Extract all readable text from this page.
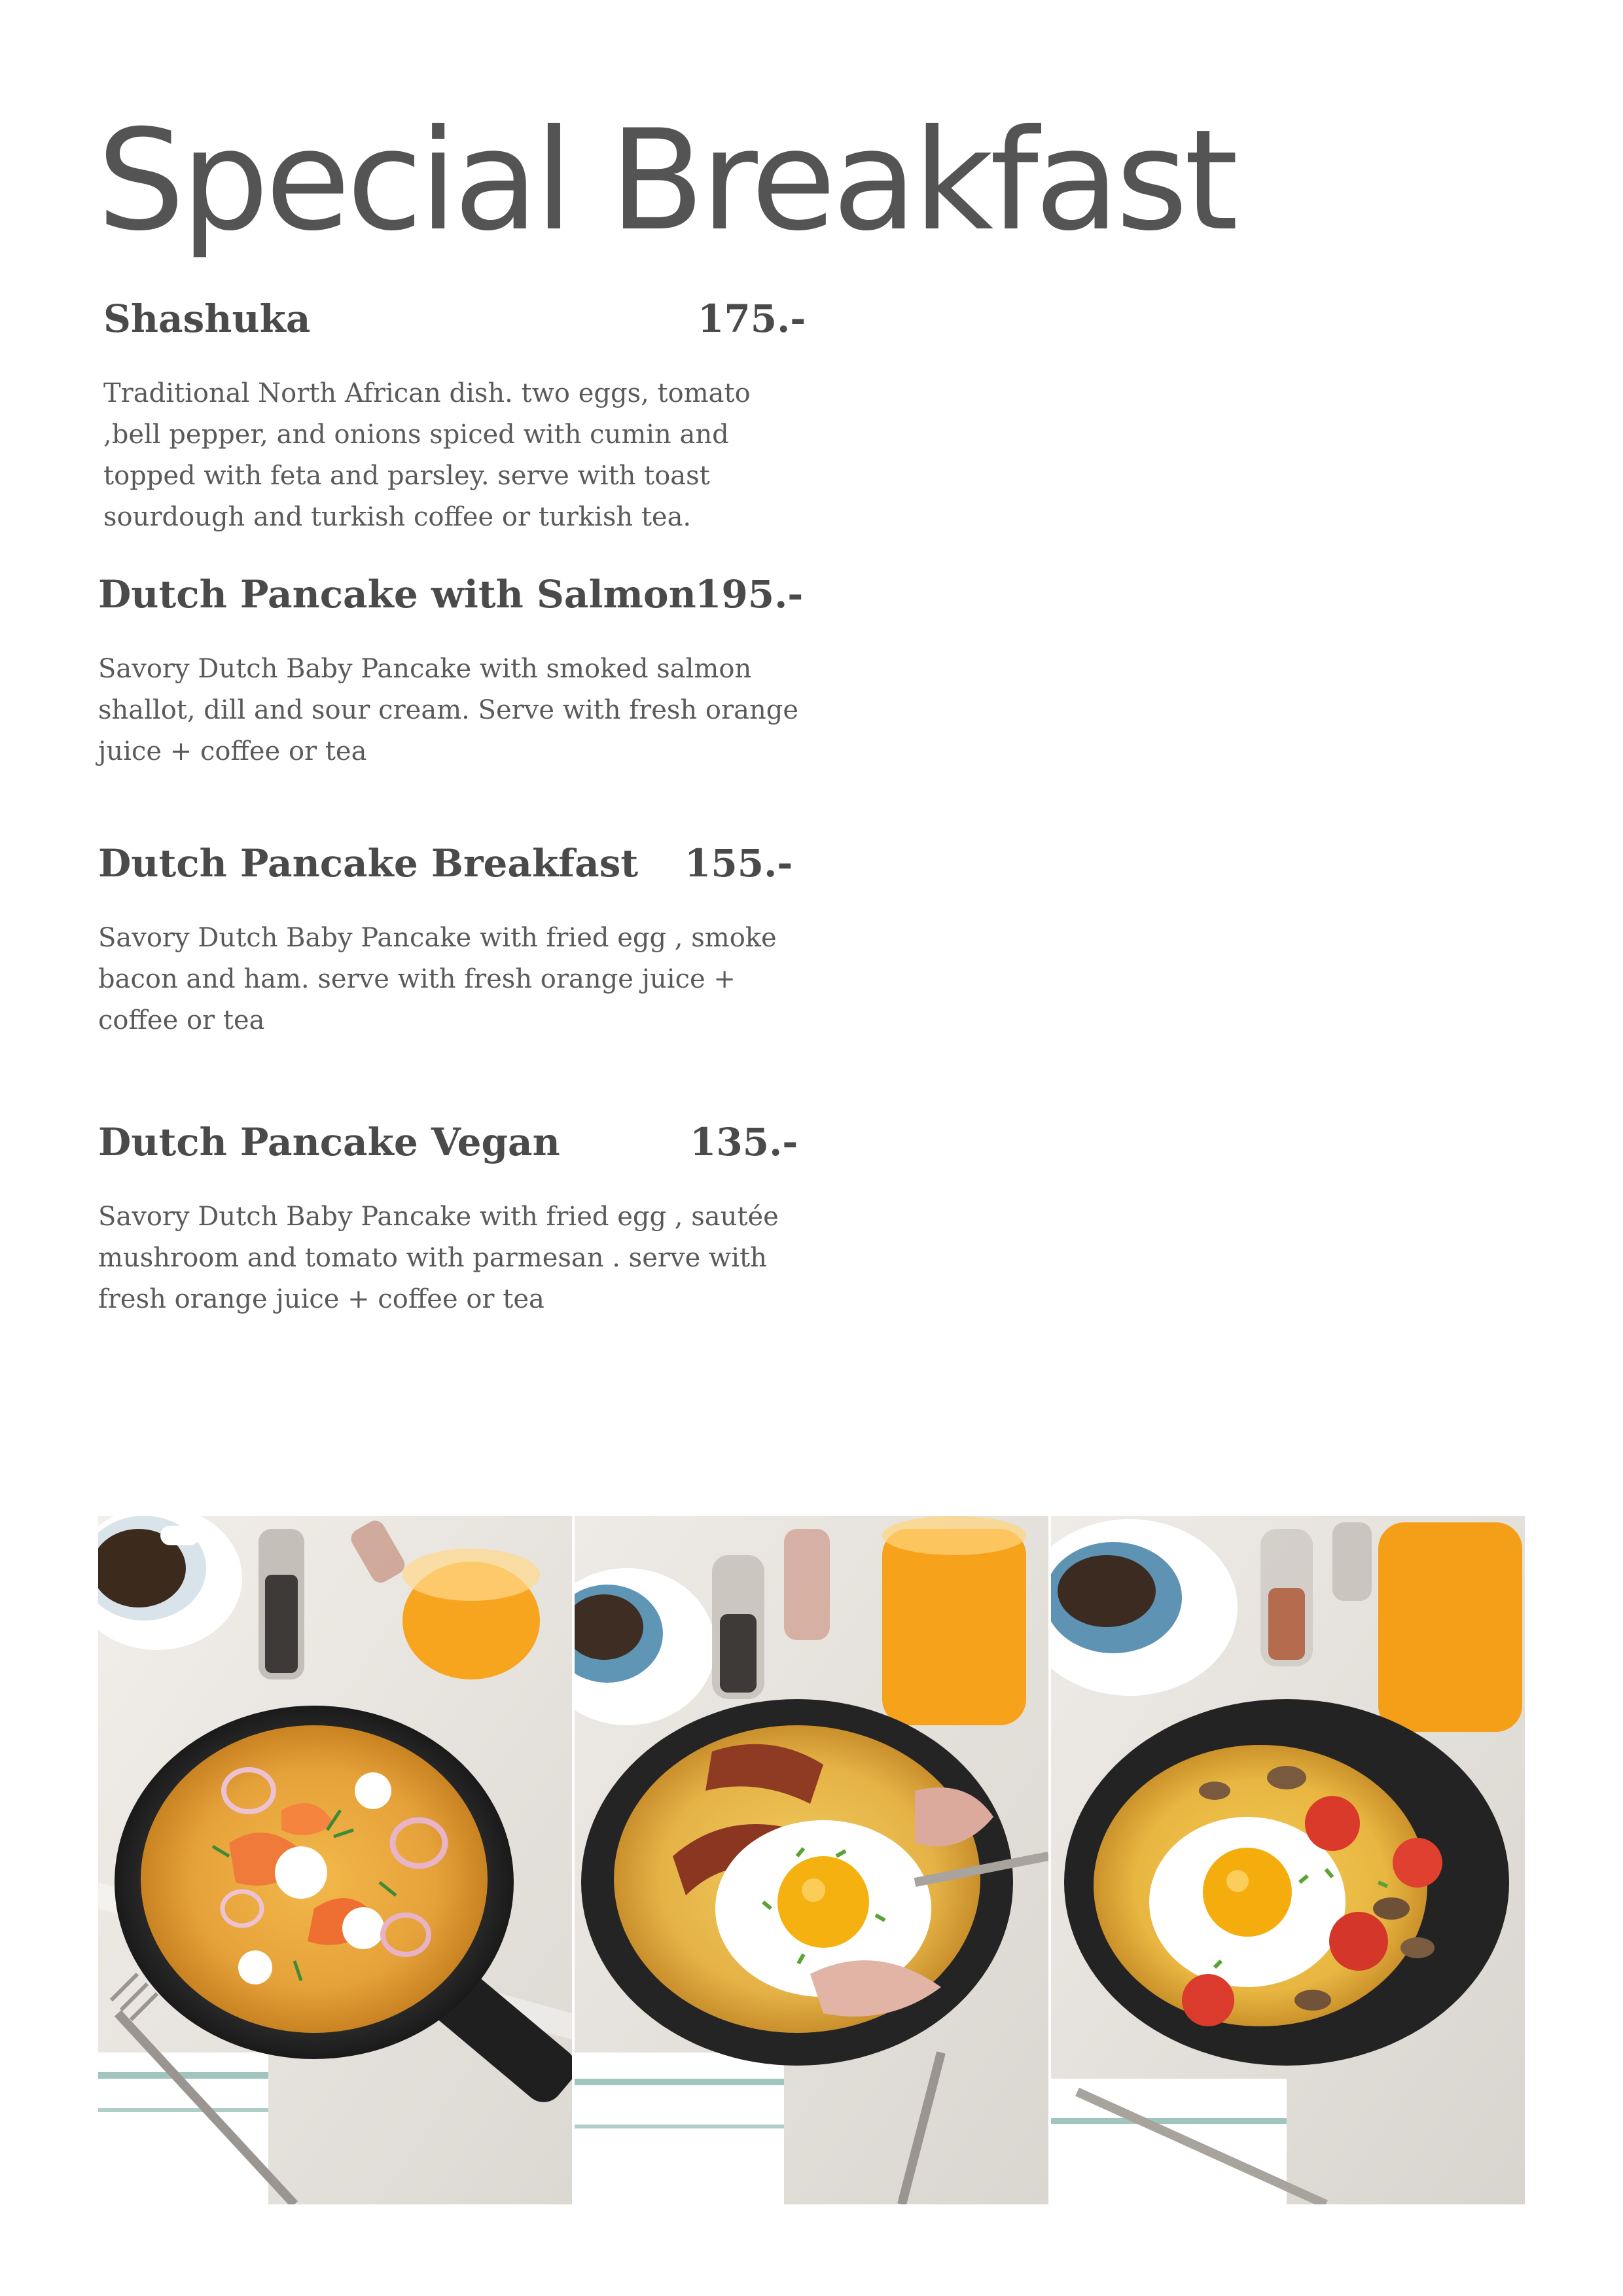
Special Breakfast
Shashuka	175.-
Traditional North African dish. two eggs, tomato
,bell pepper, and onions spiced with cumin and
topped with feta and parsley. serve with toast
sourdough and turkish coffee or turkish tea.
Dutch Pancake with Salmon
195.-
Savory Dutch Baby Pancake with smoked salmon
shallot, dill and sour cream. Serve with fresh orange
juice + coffee or tea
Dutch Pancake Breakfast 155.-
Savory Dutch Baby Pancake with fried egg , smoke
bacon and ham. serve with fresh orange juice +
coffee or tea
Dutch Pancake Vegan	135.-
Savory Dutch Baby Pancake with fried egg , sautée
mushroom and tomato with parmesan . serve with
fresh orange juice + coffee or tea
